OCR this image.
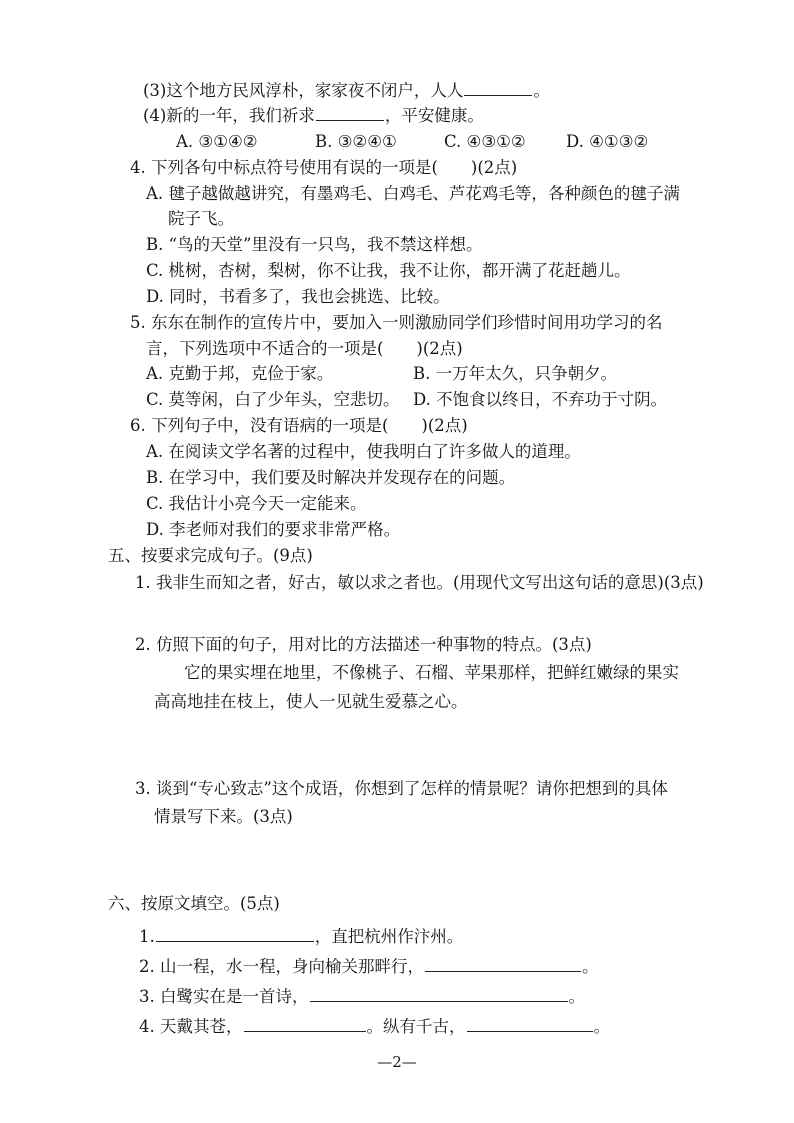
(3)这个地方民风淳朴，家家夜不闭户，人人	。
(4)新的一年，我们祈求	，平安健康。
A. ③①④②	B. ③②④①	C. ④③①② D. ④①③②
4. 下列各句中标点符号使用有误的一项是(　　)(2点)
A. 毽子越做越讲究，有墨鸡毛、白鸡毛、芦花鸡毛等，各种颜色的毽子满
院子飞。
B. “鸟的天堂”里没有一只鸟，我不禁这样想。
C. 桃树，杏树，梨树，你不让我，我不让你，都开满了花赶趟儿。
D. 同时，书看多了，我也会挑选、比较。
5. 东东在制作的宣传片中，要加入一则激励同学们珍惜时间用功学习的名
言，下列选项中不适合的一项是(　　)(2点)
A. 克勤于邦，克俭于家。	B. 一万年太久，只争朝夕。
C. 莫等闲，白了少年头，空悲切。 D. 不饱食以终日，不弃功于寸阴。
6. 下列句子中，没有语病的一项是(　　)(2点)
A. 在阅读文学名著的过程中，使我明白了许多做人的道理。
B. 在学习中，我们要及时解决并发现存在的问题。
C. 我估计小亮今天一定能来。
D. 李老师对我们的要求非常严格。
五、按要求完成句子。(9点)
1. 我非生而知之者，好古，敏以求之者也。(用现代文写出这句话的意思)(3点)
2. 仿照下面的句子，用对比的方法描述一种事物的特点。(3点)
它的果实埋在地里，不像桃子、石榴、苹果那样，把鲜红嫩绿的果实
高高地挂在枝上，使人一见就生爱慕之心。
3. 谈到“专心致志”这个成语，你想到了怎样的情景呢？请你把想到的具体
情景写下来。(3点)
六、按原文填空。(5点)
1.	，直把杭州作汴州。
2. 山一程，水一程，身向榆关那畔行，	。
3. 白鹭实在是一首诗，	。
4. 天戴其苍，	。纵有千古，	。
—2—
